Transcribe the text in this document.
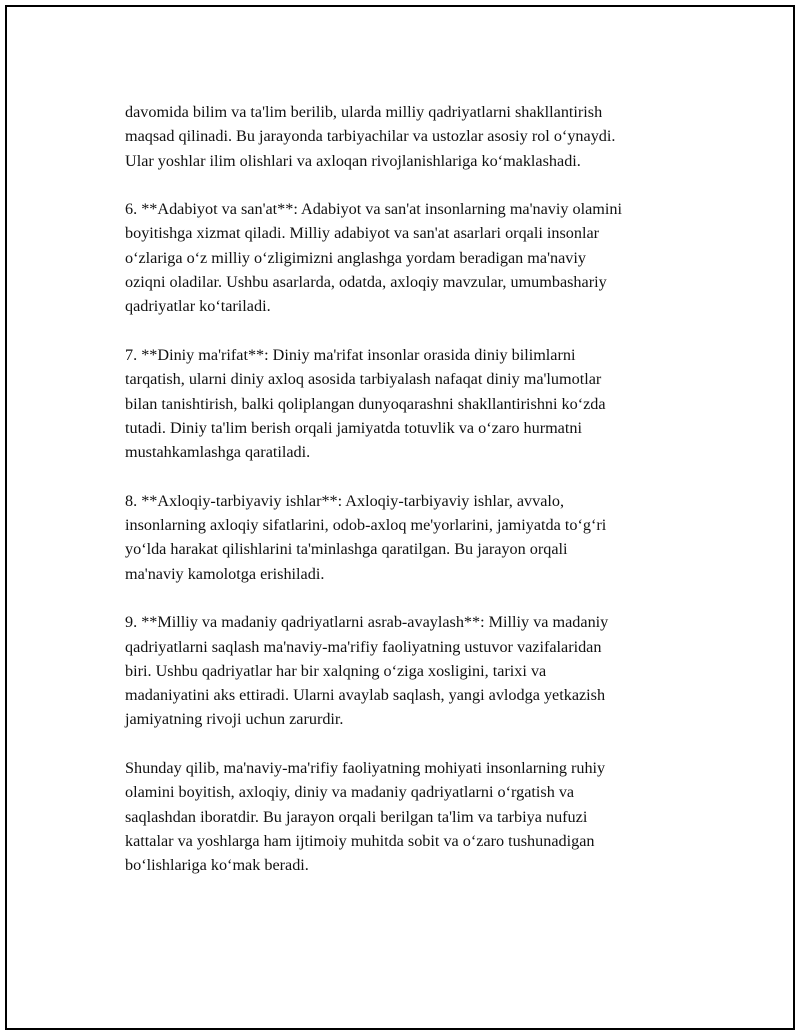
davomida bilim va ta'lim berilib, ularda milliy qadriyatlarni shakllantirish
maqsad qilinadi. Bu jarayonda tarbiyachilar va ustozlar asosiy rol oʻynaydi.
Ular yoshlar ilim olishlari va axloqan rivojlanishlariga koʻmaklashadi.

6. **Adabiyot va san'at**: Adabiyot va san'at insonlarning ma'naviy olamini
boyitishga xizmat qiladi. Milliy adabiyot va san'at asarlari orqali insonlar
oʻzlariga oʻz milliy oʻzligimizni anglashga yordam beradigan ma'naviy
oziqni oladilar. Ushbu asarlarda, odatda, axloqiy mavzular, umumbashariy
qadriyatlar koʻtariladi.

7. **Diniy ma'rifat**: Diniy ma'rifat insonlar orasida diniy bilimlarni
tarqatish, ularni diniy axloq asosida tarbiyalash nafaqat diniy ma'lumotlar
bilan tanishtirish, balki qoliplangan dunyoqarashni shakllantirishni koʻzda
tutadi. Diniy ta'lim berish orqali jamiyatda totuvlik va oʻzaro hurmatni
mustahkamlashga qaratiladi.

8. **Axloqiy-tarbiyaviy ishlar**: Axloqiy-tarbiyaviy ishlar, avvalo,
insonlarning axloqiy sifatlarini, odob-axloq me'yorlarini, jamiyatda toʻgʻri
yoʻlda harakat qilishlarini ta'minlashga qaratilgan. Bu jarayon orqali
ma'naviy kamolotga erishiladi.

9. **Milliy va madaniy qadriyatlarni asrab-avaylash**: Milliy va madaniy
qadriyatlarni saqlash ma'naviy-ma'rifiy faoliyatning ustuvor vazifalaridan
biri. Ushbu qadriyatlar har bir xalqning oʻziga xosligini, tarixi va
madaniyatini aks ettiradi. Ularni avaylab saqlash, yangi avlodga yetkazish
jamiyatning rivoji uchun zarurdir.

Shunday qilib, ma'naviy-ma'rifiy faoliyatning mohiyati insonlarning ruhiy
olamini boyitish, axloqiy, diniy va madaniy qadriyatlarni oʻrgatish va
saqlashdan iboratdir. Bu jarayon orqali berilgan ta'lim va tarbiya nufuzi
kattalar va yoshlarga ham ijtimoiy muhitda sobit va oʻzaro tushunadigan
boʻlishlariga koʻmak beradi.
